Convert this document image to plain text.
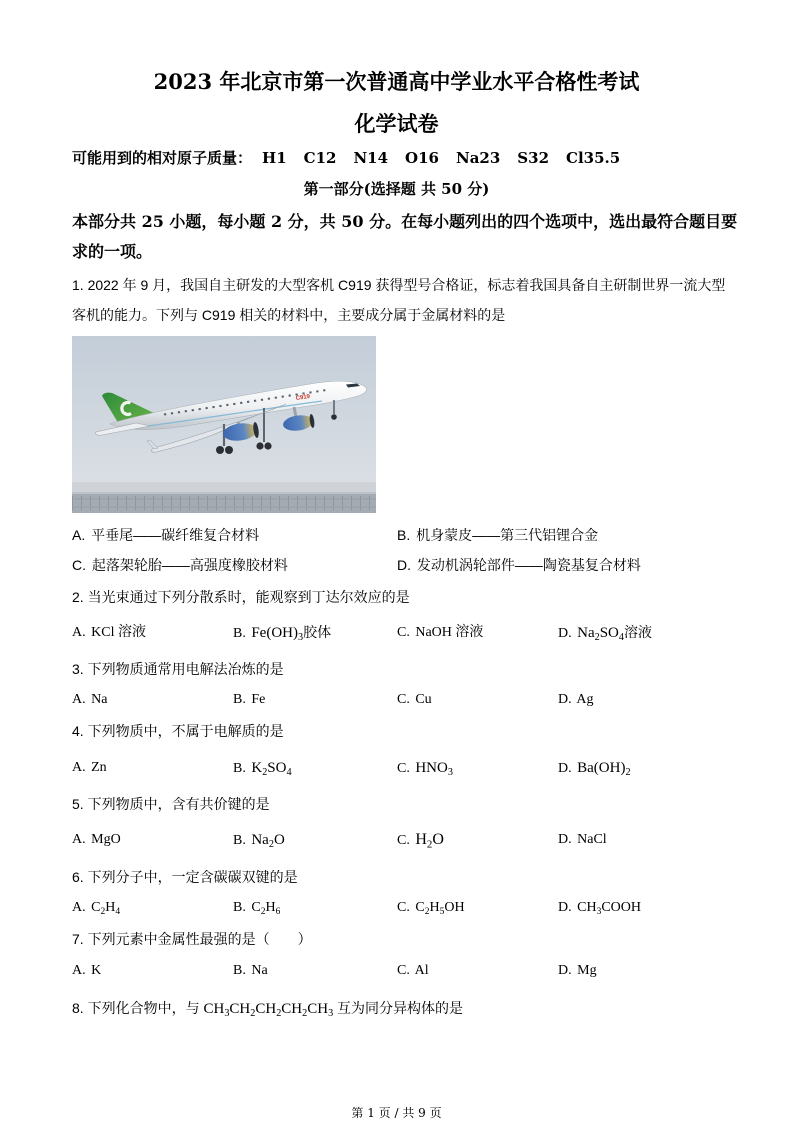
2023 年北京市第一次普通高中学业水平合格性考试
化学试卷
可能用到的相对原子质量： H1 C12 N14 O16 Na23 S32 Cl35.5
第一部分(选择题 共 50 分)
本部分共 25 小题，每小题 2 分，共 50 分。在每小题列出的四个选项中，选出最符合题目要
求的一项。
1. 2022 年 9 月，我国自主研发的大型客机 C919 获得型号合格证，标志着我国具备自主研制世界一流大型
客机的能力。下列与 C919 相关的材料中，主要成分属于金属材料的是
C919
A. 平垂尾——碳纤维复合材料	B. 机身蒙皮——第三代铝锂合金
C. 起落架轮胎——高强度橡胶材料	D. 发动机涡轮部件——陶瓷基复合材料
2. 当光束通过下列分散系时，能观察到丁达尔效应的是
A. KCl 溶液	B. $Fe(OH)_3$胶体	C. NaOH 溶液	D. $Na_2SO_4$溶液
3. 下列物质通常用电解法冶炼的是
A. Na	B. Fe	C. Cu	D. Ag
4. 下列物质中，不属于电解质的是
A. Zn	B. $K_2SO_4$	C. $HNO_3$	D. $Ba(OH)_2$
5. 下列物质中，含有共价键的是
A. MgO	B. $Na_2O$	C. $H_2O$	D. NaCl
6. 下列分子中，一定含碳碳双键的是
A. $C_2H_4$	B. $C_2H_6$	C. $C_2H_5OH$	D. $CH_3COOH$
7. 下列元素中金属性最强的是（　　）
A. K	B. Na	C. Al	D. Mg
8. 下列化合物中，与 $CH_3CH_2CH_2CH_2CH_3$ 互为同分异构体的是
第 1 页 / 共 9 页
